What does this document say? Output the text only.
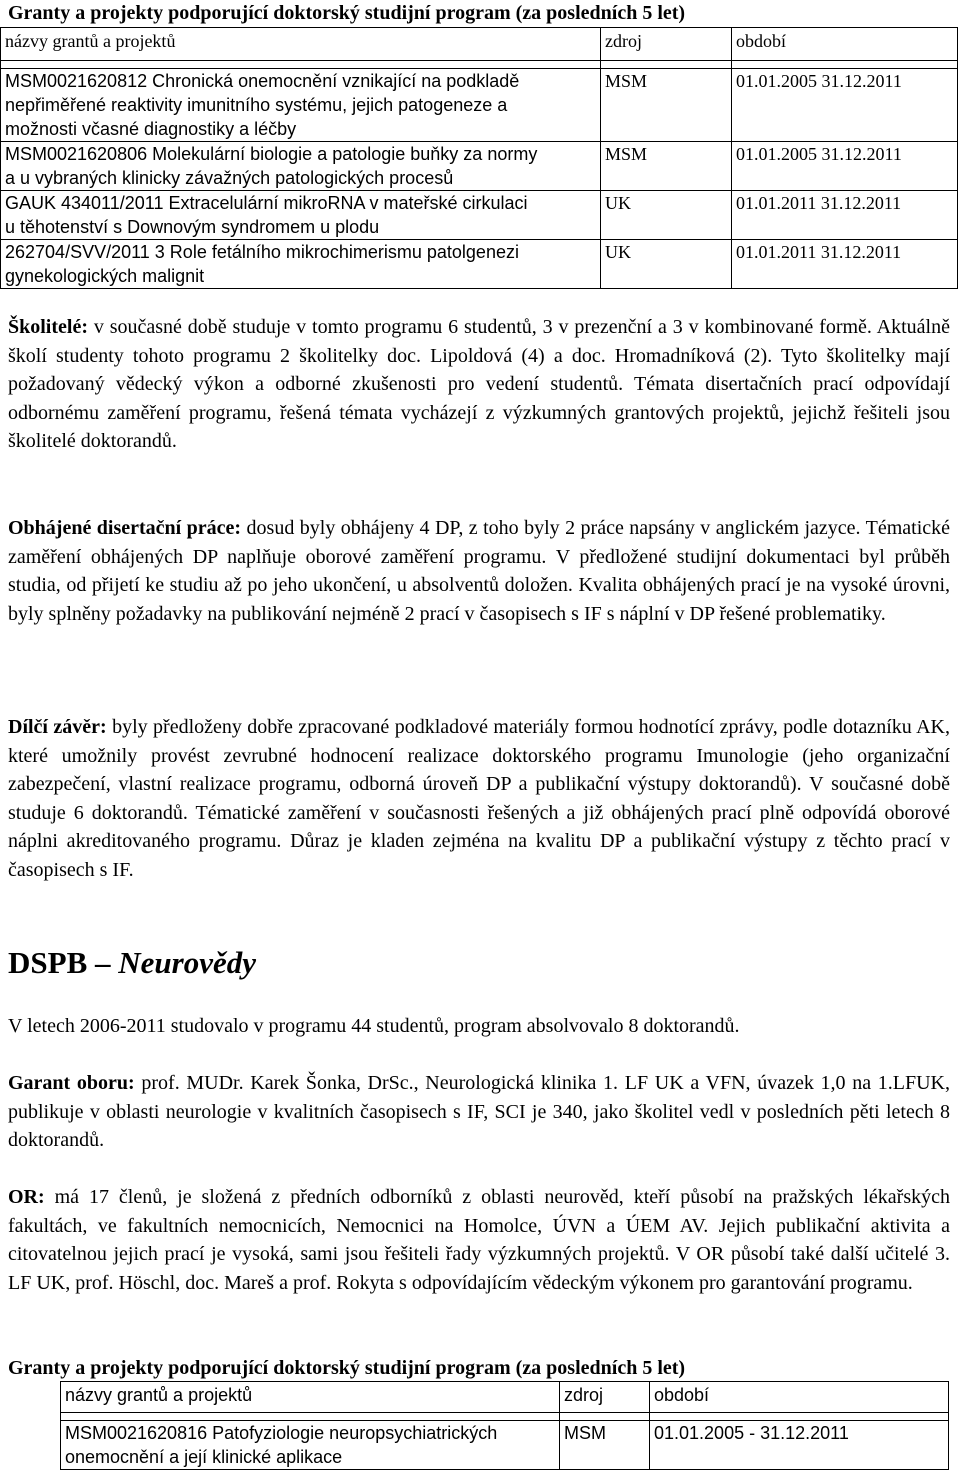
Granty a projekty podporující doktorský studijní program (za posledních 5 let)
názvy grantů a projektů	zdroj	období

MSM0021620812 Chronická onemocnění vznikající na podkladě
nepřiměřené reaktivity imunitního systému, jejich patogeneze a
možnosti včasné diagnostiky a léčby	MSM	01.01.2005 31.12.2011

MSM0021620806 Molekulární biologie a patologie buňky za normy
a u vybraných klinicky závažných patologických procesů	MSM	01.01.2005 31.12.2011

GAUK 434011/2011 Extracelulární mikroRNA v mateřské cirkulaci
u těhotenství s Downovým syndromem u plodu	UK	01.01.2011 31.12.2011

262704/SVV/2011 3 Role fetálního mikrochimerismu patolgenezi
gynekologických malignit	UK	01.01.2011 31.12.2011

Školitelé: v současné době studuje v tomto programu 6 studentů, 3 v prezenční a 3 v kombinované formě. Aktuálně školí studenty tohoto programu 2 školitelky doc. Lipoldová (4) a doc. Hromadníková (2). Tyto školitelky mají požadovaný vědecký výkon a odborné zkušenosti pro vedení studentů. Témata disertačních prací odpovídají odbornému zaměření programu, řešená témata vycházejí z výzkumných grantových projektů, jejichž řešiteli jsou školitelé doktorandů.

Obhájené disertační práce: dosud byly obhájeny 4 DP, z toho byly 2 práce napsány v anglickém jazyce. Tématické zaměření obhájených DP naplňuje oborové zaměření programu. V předložené studijní dokumentaci byl průběh studia, od přijetí ke studiu až po jeho ukončení, u absolventů doložen. Kvalita obhájených prací je na vysoké úrovni, byly splněny požadavky na publikování nejméně 2 prací v časopisech s IF s náplní v DP řešené problematiky.

Dílčí závěr: byly předloženy dobře zpracované podkladové materiály formou hodnotící zprávy, podle dotazníku AK, které umožnily provést zevrubné hodnocení realizace doktorského programu Imunologie (jeho organizační zabezpečení, vlastní realizace programu, odborná úroveň DP a publikační výstupy doktorandů). V současné době studuje 6 doktorandů. Tématické zaměření v současnosti řešených a již obhájených prací plně odpovídá oborové náplni akreditovaného programu. Důraz je kladen zejména na kvalitu DP a publikační výstupy z těchto prací v časopisech s IF.

DSPB – Neurovědy

V letech 2006-2011 studovalo v programu 44 studentů, program absolvovalo 8 doktorandů.

Garant oboru: prof. MUDr. Karek Šonka, DrSc., Neurologická klinika 1. LF UK a VFN, úvazek 1,0 na 1.LFUK, publikuje v oblasti neurologie v kvalitních časopisech s IF, SCI je 340, jako školitel vedl v posledních pěti letech 8 doktorandů.

OR: má 17 členů, je složená z předních odborníků z oblasti neurověd, kteří působí na pražských lékařských fakultách, ve fakultních nemocnicích, Nemocnici na Homolce, ÚVN a ÚEM AV. Jejich publikační aktivita a citovatelnou jejich prací je vysoká, sami jsou řešiteli řady výzkumných projektů. V OR působí také další učitelé 3. LF UK, prof. Höschl, doc. Mareš a prof. Rokyta s odpovídajícím vědeckým výkonem pro garantování programu.

Granty a projekty podporující doktorský studijní program (za posledních 5 let)
názvy grantů a projektů	zdroj	období

MSM0021620816 Patofyziologie neuropsychiatrických
onemocnění a její klinické aplikace	MSM	01.01.2005 - 31.12.2011
